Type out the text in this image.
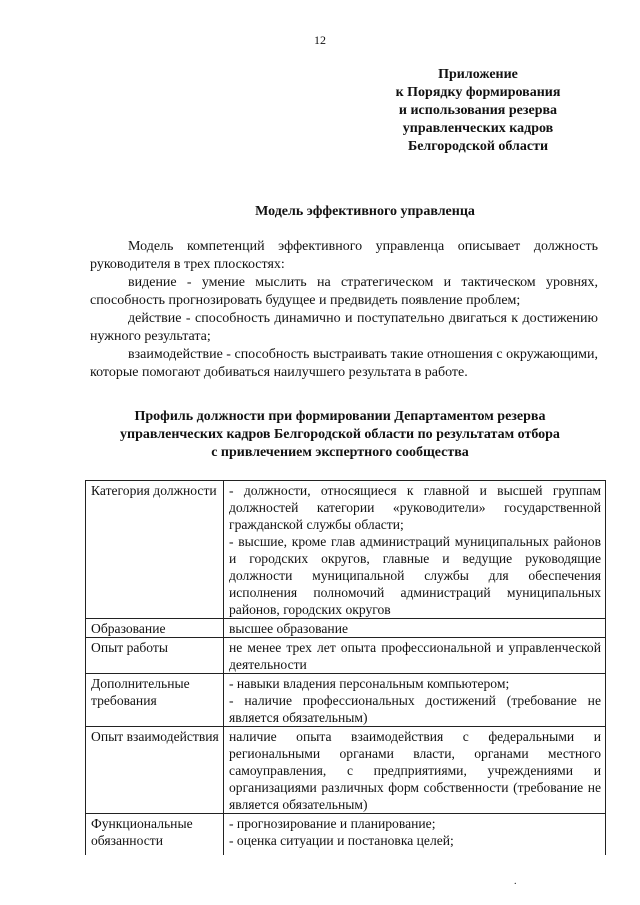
12
Приложение
к Порядку формирования
и использования резерва
управленческих кадров
Белгородской области
Модель эффективного управленца

Модель компетенций эффективного управленца описывает должность руководителя в трех плоскостях:

видение - умение мыслить на стратегическом и тактическом уровнях, способность прогнозировать будущее и предвидеть появление проблем;

действие - способность динамично и поступательно двигаться к достижению нужного результата;

взаимодействие - способность выстраивать такие отношения с окружающими, которые помогают добиваться наилучшего результата в работе.

Профиль должности при формировании Департаментом резерва
управленческих кадров Белгородской области по результатам отбора
с привлечением экспертного сообщества
Категория должности	- должности, относящиеся к главной и высшей группам должностей категории «руководители» государственной гражданской службы области;
- высшие, кроме глав администраций муниципальных районов и городских округов, главные и ведущие руководящие должности муниципальной службы для обеспечения исполнения полномочий администраций муниципальных районов, городских округов

Образование	высшее образование
Опыт работы	не менее трех лет опыта профессиональной и управленческой деятельности
Дополнительные требования	- навыки владения персональным компьютером;
- наличие профессиональных достижений (требование не является обязательным)

Опыт взаимодействия	наличие опыта взаимодействия с федеральными и региональными органами власти, органами местного самоуправления, с предприятиями, учреждениями и организациями различных форм собственности (требование не является обязательным)
Функциональные обязанности	- прогнозирование и планирование;
- оценка ситуации и постановка целей;
.
